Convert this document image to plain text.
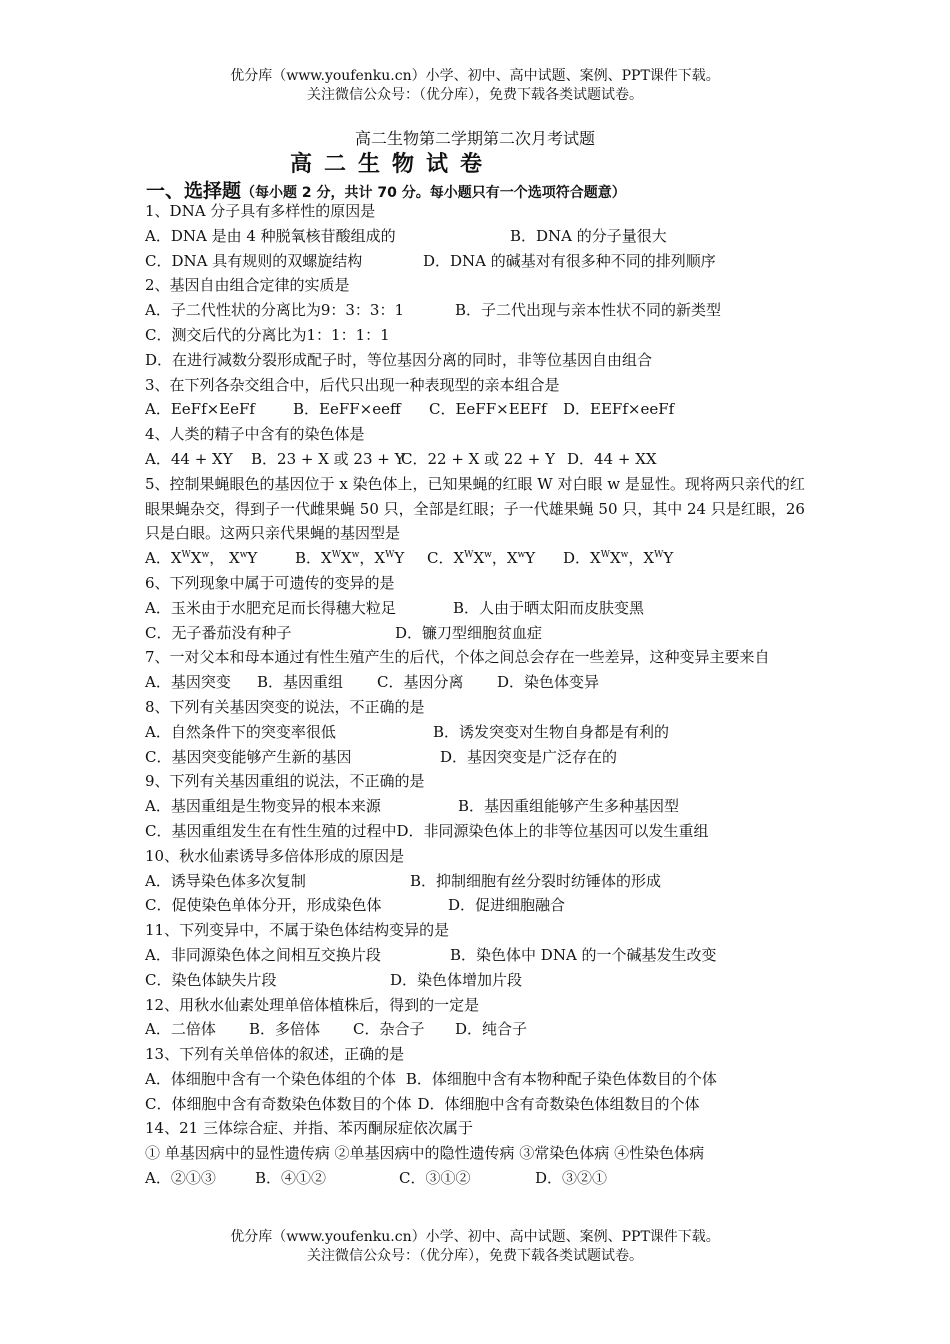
优分库（www.youfenku.cn）小学、初中、高中试题、案例、PPT课件下载。
关注微信公众号：（优分库），免费下载各类试题试卷。
高二生物第二学期第二次月考试题
高二生物试卷
一、选择题（每小题 2 分，共计 70 分。每小题只有一个选项符合题意）
1、DNA 分子具有多样性的原因是
A．DNA 是由 4 种脱氧核苷酸组成的	B．DNA 的分子量很大
C．DNA 具有规则的双螺旋结构	D．DNA 的碱基对有很多种不同的排列顺序
2、基因自由组合定律的实质是
A．子二代性状的分离比为9：3：3：1	B．子二代出现与亲本性状不同的新类型
C．测交后代的分离比为1：1：1：1
D．在进行减数分裂形成配子时，等位基因分离的同时，非等位基因自由组合
3、在下列各杂交组合中，后代只出现一种表现型的亲本组合是
A．EeFf×EeFf	B．EeFF×eeff C．EeFF×EEFf D．EEFf×eeFf
4、人类的精子中含有的染色体是
A．44 + XY B．23 + X 或 23 + YC．22 + X 或 22 + Y D．44 + XX
5、控制果蝇眼色的基因位于 x 染色体上，已知果蝇的红眼 W 对白眼 w 是显性。现将两只亲代的红眼果蝇杂交，得到子一代雌果蝇 50 只，全部是红眼；子一代雄果蝇 50 只，其中 24 只是红眼，26 只是白眼。这两只亲代果蝇的基因型是
A．$X^WX^w$， $X^wY$	B．$X^WX^w$，$X^WY$ C．$X^WX^w$，$X^wY$ D．$X^WX^w$，$X^WY$
6、下列现象中属于可遗传的变异的是
A．玉米由于水肥充足而长得穗大粒足	B．人由于晒太阳而皮肤变黑
C．无子番茄没有种子	D．镰刀型细胞贫血症
7、一对父本和母本通过有性生殖产生的后代，个体之间总会存在一些差异，这种变异主要来自
A．基因突变 B．基因重组 C．基因分离 D．染色体变异
8、下列有关基因突变的说法，不正确的是
A．自然条件下的突变率很低	B．诱发突变对生物自身都是有利的
C．基因突变能够产生新的基因	D．基因突变是广泛存在的
9、下列有关基因重组的说法，不正确的是
A．基因重组是生物变异的根本来源	B．基因重组能够产生多种基因型
C．基因重组发生在有性生殖的过程中D．非同源染色体上的非等位基因可以发生重组
10、秋水仙素诱导多倍体形成的原因是
A．诱导染色体多次复制	B．抑制细胞有丝分裂时纺锤体的形成
C．促使染色单体分开，形成染色体	D．促进细胞融合
11、下列变异中，不属于染色体结构变异的是
A．非同源染色体之间相互交换片段	B．染色体中 DNA 的一个碱基发生改变
C．染色体缺失片段	D．染色体增加片段
12、用秋水仙素处理单倍体植株后，得到的一定是
A．二倍体 B．多倍体 C．杂合子 D．纯合子
13、下列有关单倍体的叙述，正确的是
A．体细胞中含有一个染色体组的个体 B．体细胞中含有本物种配子染色体数目的个体
C．体细胞中含有奇数染色体数目的个体 D．体细胞中含有奇数染色体组数目的个体
14、21 三体综合症、并指、苯丙酮尿症依次属于
① 单基因病中的显性遗传病 ②单基因病中的隐性遗传病 ③常染色体病 ④性染色体病
A．②①③	B．④①②	C．③①②	D．③②①
优分库（www.youfenku.cn）小学、初中、高中试题、案例、PPT课件下载。
关注微信公众号：（优分库），免费下载各类试题试卷。
